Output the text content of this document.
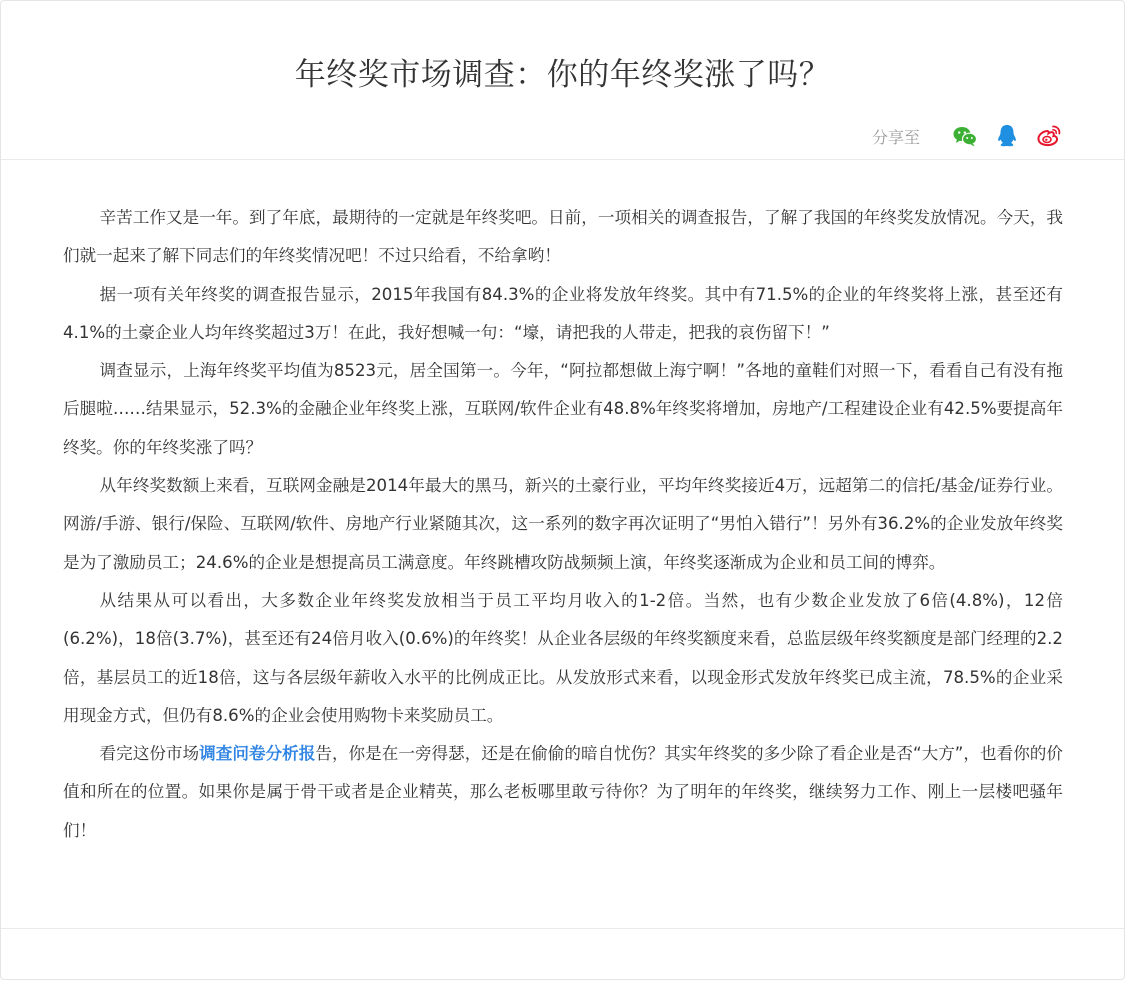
年终奖市场调查：你的年终奖涨了吗？
分享至

辛苦工作又是一年。到了年底，最期待的一定就是年终奖吧。日前，一项相关的调查报告，了解了我国的年终奖发放情况。今天，我们就一起来了解下同志们的年终奖情况吧！不过只给看，不给拿哟！

据一项有关年终奖的调查报告显示，2015年我国有84.3%的企业将发放年终奖。其中有71.5%的企业的年终奖将上涨，甚至还有4.1%的土豪企业人均年终奖超过3万！在此，我好想喊一句：“壕，请把我的人带走，把我的哀伤留下！”

调查显示，上海年终奖平均值为8523元，居全国第一。今年，“阿拉都想做上海宁啊！”各地的童鞋们对照一下，看看自己有没有拖后腿啦……结果显示，52.3%的金融企业年终奖上涨，互联网/软件企业有48.8%年终奖将增加，房地产/工程建设企业有42.5%要提高年终奖。你的年终奖涨了吗？

从年终奖数额上来看，互联网金融是2014年最大的黑马，新兴的土豪行业，平均年终奖接近4万，远超第二的信托/基金/证券行业。网游/手游、银行/保险、互联网/软件、房地产行业紧随其次，这一系列的数字再次证明了“男怕入错行”！另外有36.2%的企业发放年终奖是为了激励员工；24.6%的企业是想提高员工满意度。年终跳槽攻防战频频上演，年终奖逐渐成为企业和员工间的博弈。

从结果从可以看出，大多数企业年终奖发放相当于员工平均月收入的1-2倍。当然，也有少数企业发放了6倍(4.8%)，12倍(6.2%)，18倍(3.7%)，甚至还有24倍月收入(0.6%)的年终奖！从企业各层级的年终奖额度来看，总监层级年终奖额度是部门经理的2.2倍，基层员工的近18倍，这与各层级年薪收入水平的比例成正比。从发放形式来看，以现金形式发放年终奖已成主流，78.5%的企业采用现金方式，但仍有8.6%的企业会使用购物卡来奖励员工。

看完这份市场调查问卷分析报告，你是在一旁得瑟，还是在偷偷的暗自忧伤？其实年终奖的多少除了看企业是否“大方”，也看你的价值和所在的位置。如果你是属于骨干或者是企业精英，那么老板哪里敢亏待你？为了明年的年终奖，继续努力工作、刚上一层楼吧骚年们！
